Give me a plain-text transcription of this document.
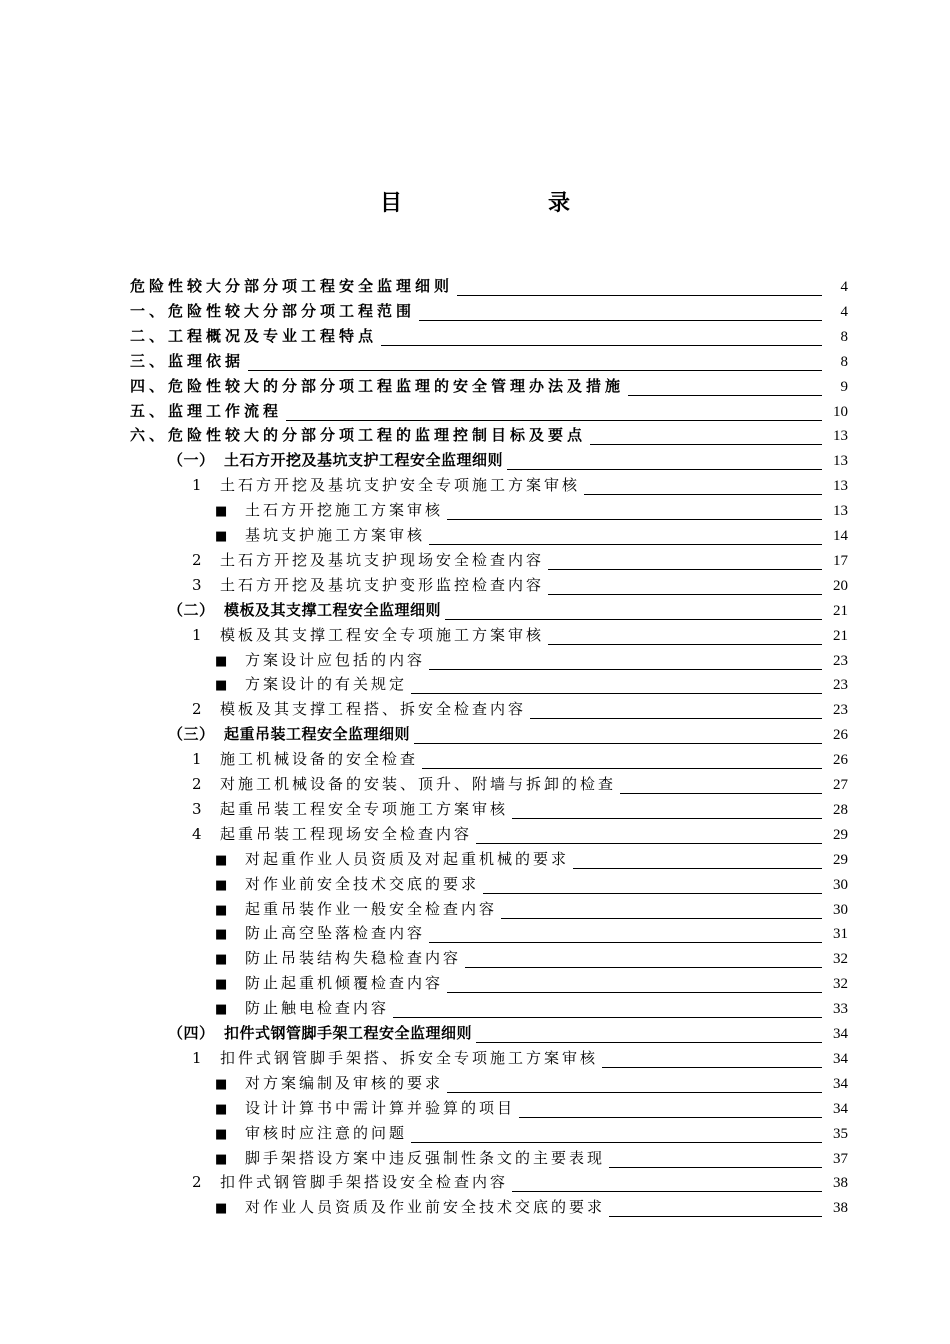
目　录
危险性较大分部分项工程安全监理细则	4
一、危险性较大分部分项工程范围	4
二、工程概况及专业工程特点	8
三、监理依据	8
四、危险性较大的分部分项工程监理的安全管理办法及措施	9
五、监理工作流程	10
六、危险性较大的分部分项工程的监理控制目标及要点	13
（一） 土石方开挖及基坑支护工程安全监理细则	13
1 土石方开挖及基坑支护安全专项施工方案审核	13
■ 土石方开挖施工方案审核	13
■ 基坑支护施工方案审核	14
2 土石方开挖及基坑支护现场安全检查内容	17
3 土石方开挖及基坑支护变形监控检查内容	20
（二） 模板及其支撑工程安全监理细则	21
1 模板及其支撑工程安全专项施工方案审核	21
■ 方案设计应包括的内容	23
■ 方案设计的有关规定	23
2 模板及其支撑工程搭、拆安全检查内容	23
（三） 起重吊装工程安全监理细则	26
1 施工机械设备的安全检查	26
2 对施工机械设备的安装、顶升、附墙与拆卸的检查	27
3 起重吊装工程安全专项施工方案审核	28
4 起重吊装工程现场安全检查内容	29
■ 对起重作业人员资质及对起重机械的要求	29
■ 对作业前安全技术交底的要求	30
■ 起重吊装作业一般安全检查内容	30
■ 防止高空坠落检查内容	31
■ 防止吊装结构失稳检查内容	32
■ 防止起重机倾覆检查内容	32
■ 防止触电检查内容	33
（四） 扣件式钢管脚手架工程安全监理细则	34
1 扣件式钢管脚手架搭、拆安全专项施工方案审核	34
■ 对方案编制及审核的要求	34
■ 设计计算书中需计算并验算的项目	34
■ 审核时应注意的问题	35
■ 脚手架搭设方案中违反强制性条文的主要表现	37
2 扣件式钢管脚手架搭设安全检查内容	38
■ 对作业人员资质及作业前安全技术交底的要求	38
